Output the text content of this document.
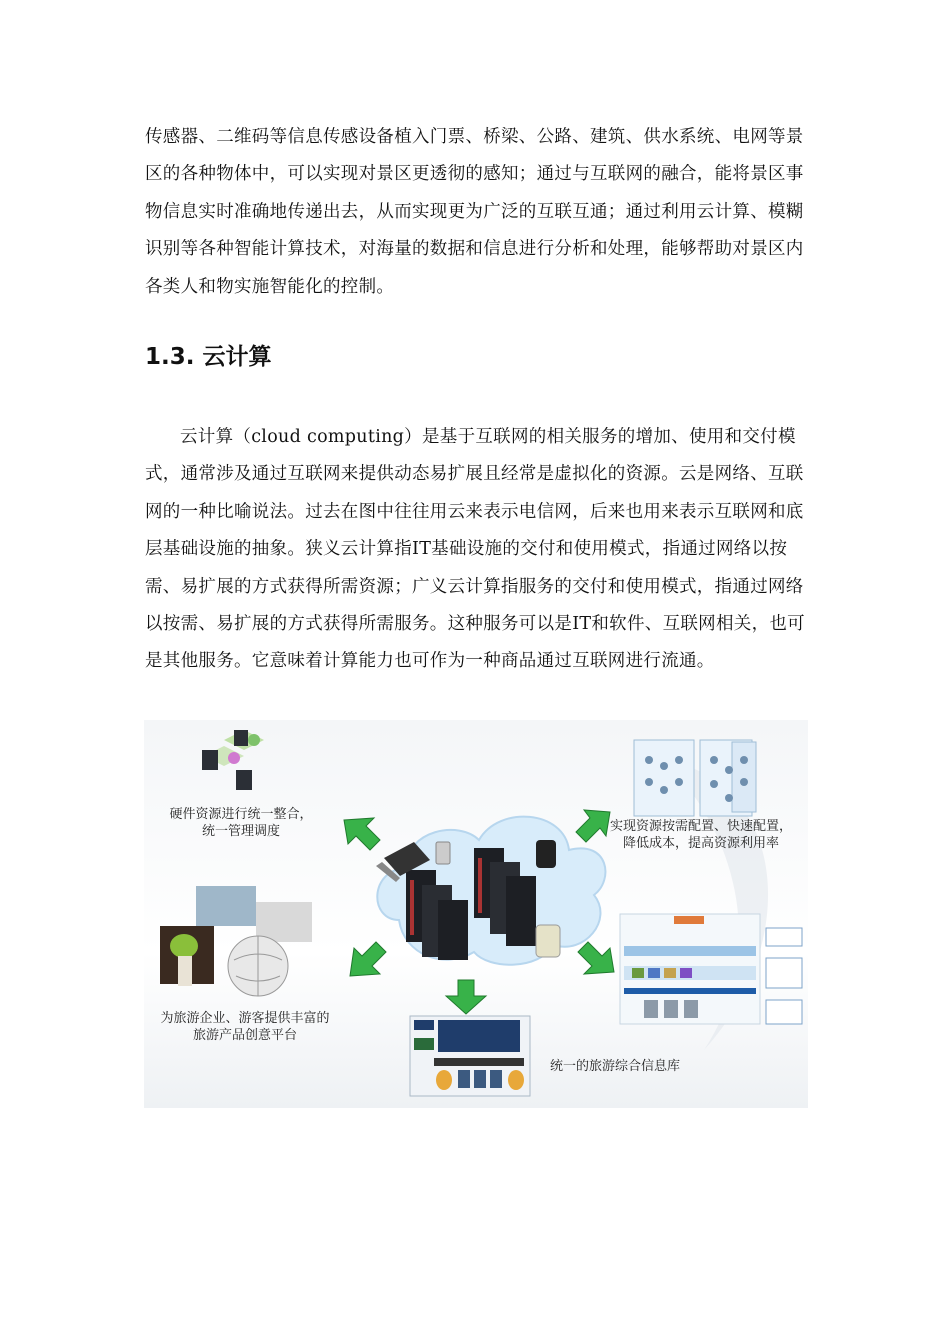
传感器、二维码等信息传感设备植入门票、桥梁、公路、建筑、供水系统、电网等景区的各种物体中，可以实现对景区更透彻的感知；通过与互联网的融合，能将景区事物信息实时准确地传递出去，从而实现更为广泛的互联互通；通过利用云计算、模糊识别等各种智能计算技术，对海量的数据和信息进行分析和处理，能够帮助对景区内各类人和物实施智能化的控制。

1.3. 云计算

云计算（cloud computing）是基于互联网的相关服务的增加、使用和交付模式，通常涉及通过互联网来提供动态易扩展且经常是虚拟化的资源。云是网络、互联网的一种比喻说法。过去在图中往往用云来表示电信网，后来也用来表示互联网和底层基础设施的抽象。狭义云计算指IT基础设施的交付和使用模式，指通过网络以按需、易扩展的方式获得所需资源；广义云计算指服务的交付和使用模式，指通过网络以按需、易扩展的方式获得所需服务。这种服务可以是IT和软件、互联网相关，也可是其他服务。它意味着计算能力也可作为一种商品通过互联网进行流通。

硬件资源进行统一整合，统一管理调度	实现资源按需配置、快速配置，降低成本，提高资源利用率
为旅游企业、游客提供丰富的旅游产品创意平台
统一的旅游综合信息库
